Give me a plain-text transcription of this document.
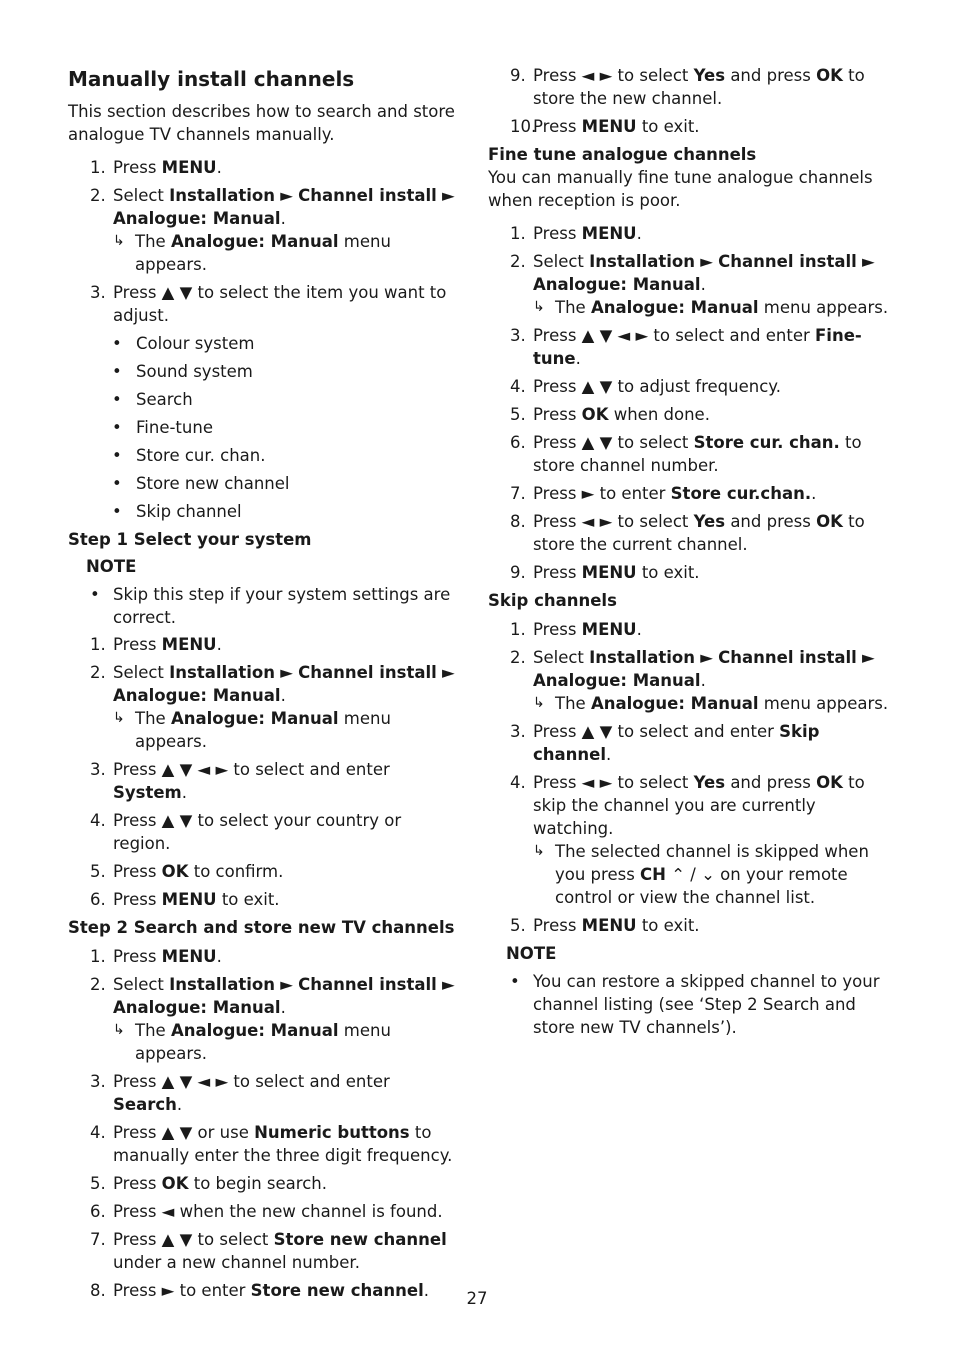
Manually install channels

This section describes how to search and store analogue TV channels manually.

1. Press MENU.
2. Select Installation ► Channel install ► Analogue: Manual.
↳ The Analogue: Manual menu appears.
3. Press ▲ ▼ to select the item you want to adjust.
• Colour system
• Sound system
• Search
• Fine-tune
• Store cur. chan.
• Store new channel
• Skip channel
Step 1 Select your system
NOTE
• Skip this step if your system settings are correct.
1. Press MENU.
2. Select Installation ► Channel install ► Analogue: Manual.
↳ The Analogue: Manual menu appears.
3. Press ▲ ▼ ◄ ► to select and enter System.
4. Press ▲ ▼ to select your country or region.
5. Press OK to confirm.
6. Press MENU to exit.
Step 2 Search and store new TV channels
1. Press MENU.
2. Select Installation ► Channel install ► Analogue: Manual.
↳ The Analogue: Manual menu appears.
3. Press ▲ ▼ ◄ ► to select and enter Search.
4. Press ▲ ▼ or use Numeric buttons to manually enter the three digit frequency.
5. Press OK to begin search.
6. Press ◄ when the new channel is found.
7. Press ▲ ▼ to select Store new channel under a new channel number.
8. Press ► to enter Store new channel.
9. Press ◄ ► to select Yes and press OK to store the new channel.
10.
Press MENU to exit.
Fine tune analogue channels

You can manually fine tune analogue channels when reception is poor.

1. Press MENU.
2. Select Installation ► Channel install ► Analogue: Manual.
↳ The Analogue: Manual menu appears.
3. Press ▲ ▼ ◄ ► to select and enter Fine-tune.
4. Press ▲ ▼ to adjust frequency.
5. Press OK when done.
6. Press ▲ ▼ to select Store cur. chan. to store channel number.
7. Press ► to enter Store cur.chan..
8. Press ◄ ► to select Yes and press OK to store the current channel.
9. Press MENU to exit.
Skip channels
1. Press MENU.
2. Select Installation ► Channel install ► Analogue: Manual.
↳ The Analogue: Manual menu appears.
3. Press ▲ ▼ to select and enter Skip channel.
4. Press ◄ ► to select Yes and press OK to skip the channel you are currently watching.
↳ The selected channel is skipped when you press CH ⌃ / ⌄ on your remote control or view the channel list.
5. Press MENU to exit.
NOTE
• You can restore a skipped channel to your channel listing (see ‘Step 2 Search and store new TV channels’).
27
